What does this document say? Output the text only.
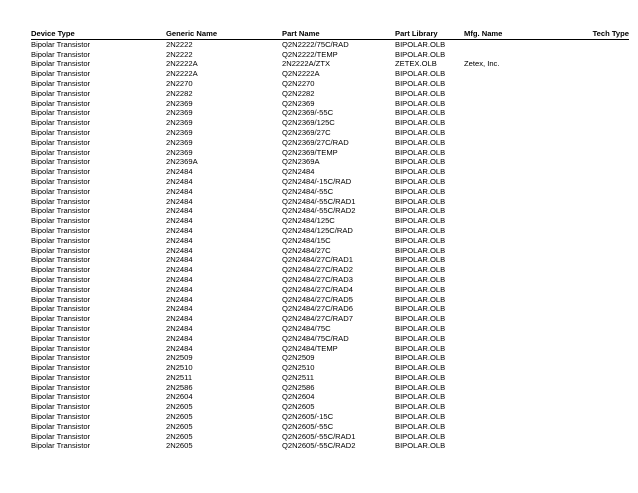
Device Type	Generic Name	Part Name	Part Library	Mfg. Name	Tech Type
Bipolar Transistor	2N2222	Q2N2222/75C/RAD	BIPOLAR.OLB		
Bipolar Transistor	2N2222	Q2N2222/TEMP	BIPOLAR.OLB		
Bipolar Transistor	2N2222A	2N2222A/ZTX	ZETEX.OLB	Zetex, Inc.	
Bipolar Transistor	2N2222A	Q2N2222A	BIPOLAR.OLB		
Bipolar Transistor	2N2270	Q2N2270	BIPOLAR.OLB		
Bipolar Transistor	2N2282	Q2N2282	BIPOLAR.OLB		
Bipolar Transistor	2N2369	Q2N2369	BIPOLAR.OLB		
Bipolar Transistor	2N2369	Q2N2369/-55C	BIPOLAR.OLB		
Bipolar Transistor	2N2369	Q2N2369/125C	BIPOLAR.OLB		
Bipolar Transistor	2N2369	Q2N2369/27C	BIPOLAR.OLB		
Bipolar Transistor	2N2369	Q2N2369/27C/RAD	BIPOLAR.OLB		
Bipolar Transistor	2N2369	Q2N2369/TEMP	BIPOLAR.OLB		
Bipolar Transistor	2N2369A	Q2N2369A	BIPOLAR.OLB		
Bipolar Transistor	2N2484	Q2N2484	BIPOLAR.OLB		
Bipolar Transistor	2N2484	Q2N2484/-15C/RAD	BIPOLAR.OLB		
Bipolar Transistor	2N2484	Q2N2484/-55C	BIPOLAR.OLB		
Bipolar Transistor	2N2484	Q2N2484/-55C/RAD1	BIPOLAR.OLB		
Bipolar Transistor	2N2484	Q2N2484/-55C/RAD2	BIPOLAR.OLB		
Bipolar Transistor	2N2484	Q2N2484/125C	BIPOLAR.OLB		
Bipolar Transistor	2N2484	Q2N2484/125C/RAD	BIPOLAR.OLB		
Bipolar Transistor	2N2484	Q2N2484/15C	BIPOLAR.OLB		
Bipolar Transistor	2N2484	Q2N2484/27C	BIPOLAR.OLB		
Bipolar Transistor	2N2484	Q2N2484/27C/RAD1	BIPOLAR.OLB		
Bipolar Transistor	2N2484	Q2N2484/27C/RAD2	BIPOLAR.OLB		
Bipolar Transistor	2N2484	Q2N2484/27C/RAD3	BIPOLAR.OLB		
Bipolar Transistor	2N2484	Q2N2484/27C/RAD4	BIPOLAR.OLB		
Bipolar Transistor	2N2484	Q2N2484/27C/RAD5	BIPOLAR.OLB		
Bipolar Transistor	2N2484	Q2N2484/27C/RAD6	BIPOLAR.OLB		
Bipolar Transistor	2N2484	Q2N2484/27C/RAD7	BIPOLAR.OLB		
Bipolar Transistor	2N2484	Q2N2484/75C	BIPOLAR.OLB		
Bipolar Transistor	2N2484	Q2N2484/75C/RAD	BIPOLAR.OLB		
Bipolar Transistor	2N2484	Q2N2484/TEMP	BIPOLAR.OLB		
Bipolar Transistor	2N2509	Q2N2509	BIPOLAR.OLB		
Bipolar Transistor	2N2510	Q2N2510	BIPOLAR.OLB		
Bipolar Transistor	2N2511	Q2N2511	BIPOLAR.OLB		
Bipolar Transistor	2N2586	Q2N2586	BIPOLAR.OLB		
Bipolar Transistor	2N2604	Q2N2604	BIPOLAR.OLB		
Bipolar Transistor	2N2605	Q2N2605	BIPOLAR.OLB		
Bipolar Transistor	2N2605	Q2N2605/-15C	BIPOLAR.OLB		
Bipolar Transistor	2N2605	Q2N2605/-55C	BIPOLAR.OLB		
Bipolar Transistor	2N2605	Q2N2605/-55C/RAD1	BIPOLAR.OLB		
Bipolar Transistor	2N2605	Q2N2605/-55C/RAD2	BIPOLAR.OLB		
